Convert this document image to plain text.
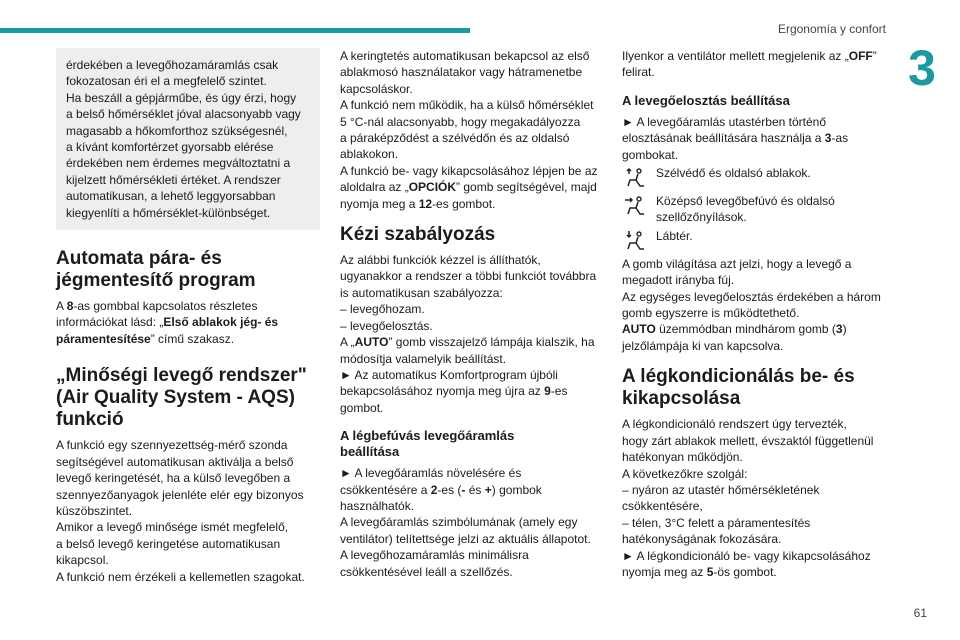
Ergonomía y confort
3
61

érdekében a levegőhozamáramlás csak

fokozatosan éri el a megfelelő szintet.

Ha beszáll a gépjárműbe, és úgy érzi, hogy

a belső hőmérséklet jóval alacsonyabb vagy

magasabb a hőkomforthoz szükségesnél,

a kívánt komfortérzet gyorsabb elérése

érdekében nem érdemes megváltoztatni a

kijelzett hőmérsékleti értéket. A rendszer

automatikusan, a lehető leggyorsabban

kiegyenlíti a hőmérséklet-különbséget.

Automata pára- és
jégmentesítő program

A 8-as gombbal kapcsolatos részletes

információkat lásd: „Első ablakok jég- és

páramentesítése” című szakasz.

„Minőségi levegő rendszer"
(Air Quality System - AQS)
funkció

A funkció egy szennyezettség-mérő szonda

segítségével automatikusan aktiválja a belső

levegő keringetését, ha a külső levegőben a

szennyezőanyagok jelenléte elér egy bizonyos

küszöbszintet.

Amikor a levegő minősége ismét megfelelő,

a belső levegő keringetése automatikusan

kikapcsol.

A funkció nem érzékeli a kellemetlen szagokat.

A keringtetés automatikusan bekapcsol az első

ablakmosó használatakor vagy hátramenetbe

kapcsoláskor.

A funkció nem működik, ha a külső hőmérséklet

5 °C-nál alacsonyabb, hogy megakadályozza

a páraképződést a szélvédőn és az oldalsó

ablakokon.

A funkció be- vagy kikapcsolásához lépjen be az

aloldalra az „OPCIÓK” gomb segítségével, majd

nyomja meg a 12-es gombot.

Kézi szabályozás

Az alábbi funkciók kézzel is állíthatók,

ugyanakkor a rendszer a többi funkciót továbbra

is automatikusan szabályozza:

– levegőhozam.

– levegőelosztás.

A „AUTO” gomb visszajelző lámpája kialszik, ha

módosítja valamelyik beállítást.

► Az automatikus Komfortprogram újbóli

bekapcsolásához nyomja meg újra az 9-es

gombot.

A légbefúvás levegőáramlás
beállítása

► A levegőáramlás növelésére és

csökkentésére a 2-es (- és +) gombok

használhatók.

A levegőáramlás szimbólumának (amely egy

ventilátor) telítettsége jelzi az aktuális állapotot.

A levegőhozamáramlás minimálisra

csökkentésével leáll a szellőzés.

Ilyenkor a ventilátor mellett megjelenik az „OFF”

felirat.

A levegőelosztás beállítása

► A levegőáramlás utastérben történő

elosztásának beállítására használja a 3-as

gombokat.

Szélvédő és oldalsó ablakok.
Középső levegőbefúvó és oldalsó
szellőzőnyílások.
Lábtér.

A gomb világítása azt jelzi, hogy a levegő a

megadott irányba fúj.

Az egységes levegőelosztás érdekében a három

gomb egyszerre is működtethető.

AUTO üzemmódban mindhárom gomb (3)

jelzőlámpája ki van kapcsolva.

A légkondicionálás be- és
kikapcsolása

A légkondicionáló rendszert úgy tervezték,

hogy zárt ablakok mellett, évszaktól függetlenül

hatékonyan működjön.

A következőkre szolgál:

– nyáron az utastér hőmérsékletének

csökkentésére,

– télen, 3°C felett a páramentesítés

hatékonyságának fokozására.

► A légkondicionáló be- vagy kikapcsolásához

nyomja meg az 5-ös gombot.
